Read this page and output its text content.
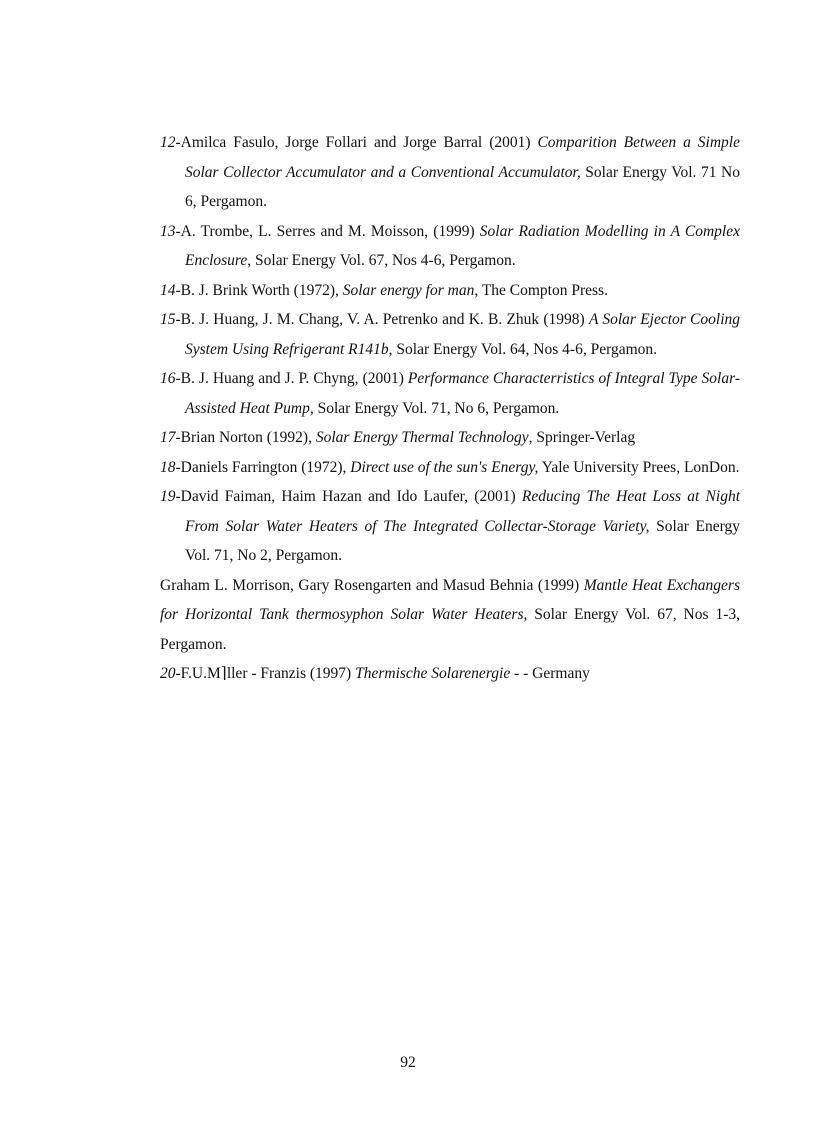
12-Amilca Fasulo, Jorge Follari and Jorge Barral (2001) Comparition Between a Simple Solar Collector Accumulator and a Conventional Accumulator, Solar Energy Vol. 71 No 6, Pergamon.

13-A. Trombe, L. Serres and M. Moisson, (1999) Solar Radiation Modelling in A Complex Enclosure, Solar Energy Vol. 67, Nos 4-6, Pergamon.

14-B. J. Brink Worth (1972), Solar energy for man, The Compton Press.

15-B. J. Huang, J. M. Chang, V. A. Petrenko and K. B. Zhuk (1998) A Solar Ejector Cooling System Using Refrigerant R141b, Solar Energy Vol. 64, Nos 4-6, Pergamon.

16-B. J. Huang and J. P. Chyng, (2001) Performance Characterristics of Integral Type Solar-Assisted Heat Pump, Solar Energy Vol. 71, No 6, Pergamon.

17-Brian Norton (1992), Solar Energy Thermal Technology, Springer-Verlag

18-Daniels Farrington (1972), Direct use of the sun's Energy, Yale University Prees, LonDon.

19-David Faiman, Haim Hazan and Ido Laufer, (2001) Reducing The Heat Loss at Night From Solar Water Heaters of The Integrated Collectar-Storage Variety, Solar Energy Vol. 71, No 2, Pergamon.

Graham L. Morrison, Gary Rosengarten and Masud Behnia (1999) Mantle Heat Exchangers for Horizontal Tank thermosyphon Solar Water Heaters, Solar Energy Vol. 67, Nos 1-3, Pergamon.

20-F.U.M⌉ller - Franzis (1997) Thermische Solarenergie - - Germany

92
